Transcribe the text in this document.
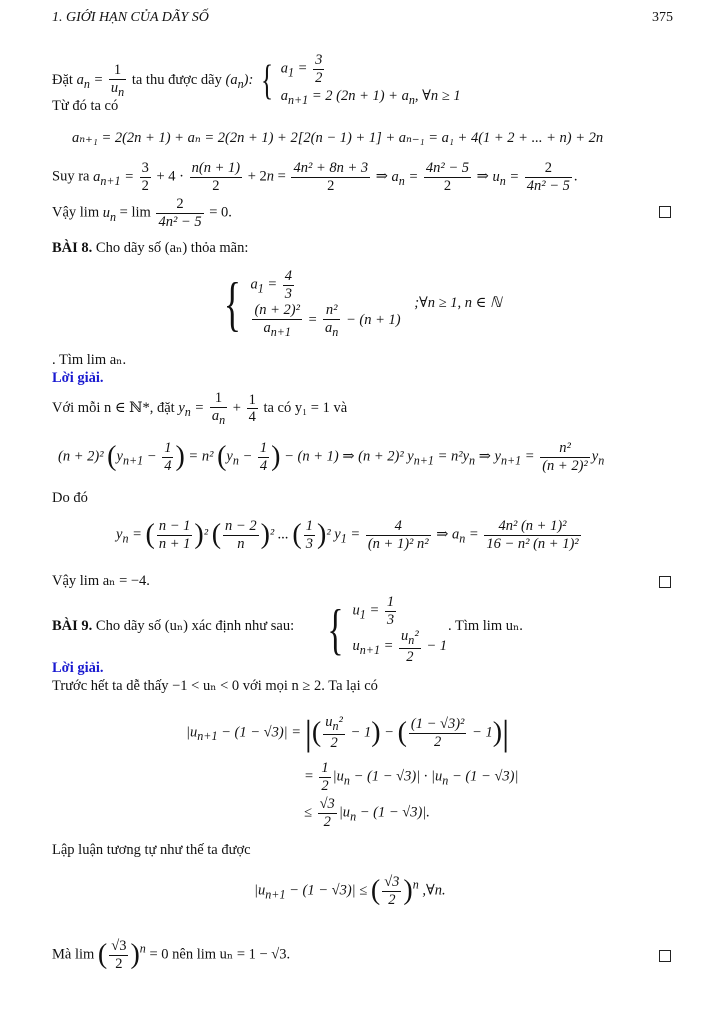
1. GIỚI HẠN CỦA DÃY SỐ	375
Đặt $a_n = \frac{1}{u_n}$ ta thu được dãy $(a_n)$: { $a_1 = \frac{3}{2}$
$a_{n+1} = 2$ $(2n + 1) + a_n$, ∀n ≥ 1
Từ đó ta có
aₙ₊₁ = 2(2n + 1) + aₙ = 2(2n + 1) + 2[2(n − 1) + 1] + aₙ₋₁ = a₁ + 4(1 + 2 + ... + n) + 2n
Suy ra $a_{n+1} = \frac{3}{2} + 4 \cdot \frac{n(n + 1)}{2} + 2n = \frac{\text{4n² + 8n + 3}}{2}$ ⇒ $a_n = \frac{\text{4n² − 5}}{2}$ ⇒ $u_n = \frac{2}{\text{4n² − 5}}$ .
Vậy $\lim u_n = \lim \frac{2}{\text{4n² − 5}} = 0$.
BÀI 8. Cho dãy số (aₙ) thỏa mãn:
{ $a_1 = \frac{4}{3}$
$\frac{\text{(n + 2)²}}{a_{n+1}} = \frac{\text{n²}}{a_n} - (n + 1)$
;∀n ≥ 1, n ∈ ℕ
. Tìm lim aₙ.
Lời giải.
Với mỗi n ∈ ℕ*, đặt $y_n = \frac{1}{a_n} + \frac{1}{4}$ ta có y₁ = 1 và
(n + 2)² ($y_{n+1} - \frac{1}{4}$ ) = n² ($y_n - \frac{1}{4}$ ) − (n + 1) ⇒ (n + 2)² $y_{n+1} = n^2y_n$ ⇒ $y_{n+1} = \frac{\text{n²}}{\text{(n + 2)²}} y_n$
Do đó
$y_n$ = ( $\frac{n - 1}{n + 1} )^2$ ( $\frac{n - 2}{n} )^2$ ... ( $\frac{1}{3} )^2$ $y_1 = \frac{4}{\text{(n + 1)² n²}}$ ⇒ $a_n = \frac{\text{4n² (n + 1)²}}{\text{16 − n² (n + 1)²}}$
Vậy lim aₙ = −4.
BÀI 9. Cho dãy số (uₙ) xác định như sau: { $u_1 = \frac{1}{3}$
$u_{n+1} = \frac{u_n^2}{2} - 1$
. Tìm lim uₙ.
Lời giải.
Trước hết ta dễ thấy −1 < uₙ < 0 với mọi n ≥ 2. Ta lại có
$|u_{n+1} - (1 - √3)|$ = |( $\frac{u_n^2}{2} - 1$) − ( $\frac{\text{(1 − √3)²}}{2} - 1)|$
= $\frac{1}{2} |u_n - (1 - √3)| \cdot |u_n - (1 - √3)|$
≤ $\frac{√3}{2} |u_n - (1 - √3)|$.
Lập luận tương tự như thế ta được
$|u_{n+1} - (1 - √3)|$ ≤ ( $\frac{√3}{2} )^n$ ,∀n.
Mà lim ( $\frac{√3}{2} )^n = 0$ nên lim uₙ = 1 − √3.
